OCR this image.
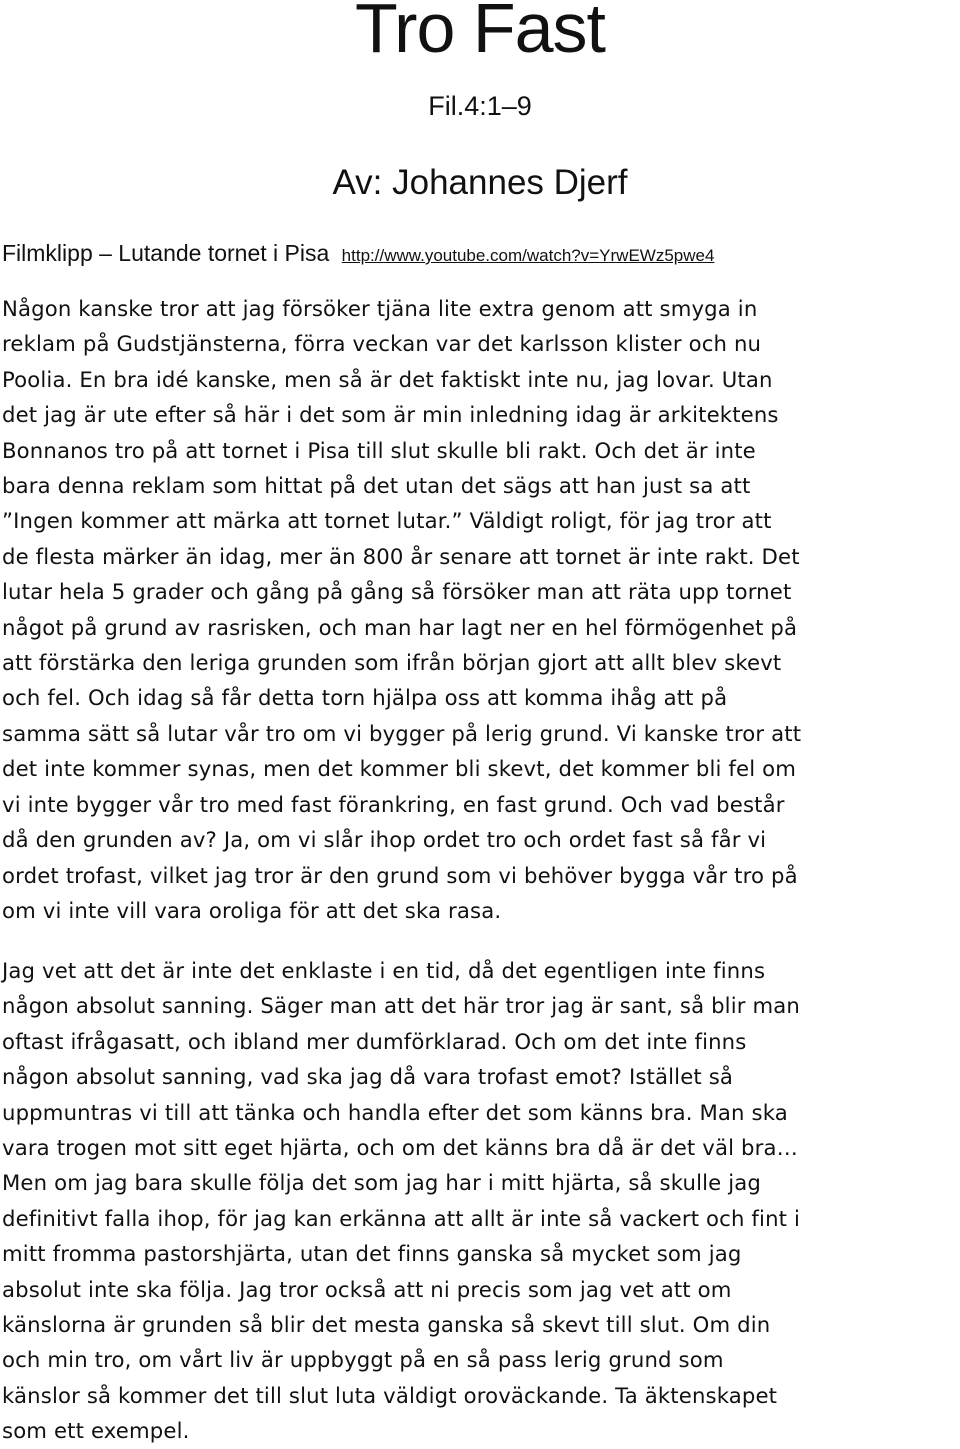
Tro Fast

Fil.4:1–9

Av: Johannes Djerf

Filmklipp – Lutande tornet i Pisa http://www.youtube.com/watch?v=YrwEWz5pwe4

Någon kanske tror att jag försöker tjäna lite extra genom att smyga in
reklam på Gudstjänsterna, förra veckan var det karlsson klister och nu
Poolia. En bra idé kanske, men så är det faktiskt inte nu, jag lovar. Utan
det jag är ute efter så här i det som är min inledning idag är arkitektens
Bonnanos tro på att tornet i Pisa till slut skulle bli rakt. Och det är inte
bara denna reklam som hittat på det utan det sägs att han just sa att
”Ingen kommer att märka att tornet lutar.” Väldigt roligt, för jag tror att
de flesta märker än idag, mer än 800 år senare att tornet är inte rakt. Det
lutar hela 5 grader och gång på gång så försöker man att räta upp tornet
något på grund av rasrisken, och man har lagt ner en hel förmögenhet på
att förstärka den leriga grunden som ifrån början gjort att allt blev skevt
och fel. Och idag så får detta torn hjälpa oss att komma ihåg att på
samma sätt så lutar vår tro om vi bygger på lerig grund. Vi kanske tror att
det inte kommer synas, men det kommer bli skevt, det kommer bli fel om
vi inte bygger vår tro med fast förankring, en fast grund. Och vad består
då den grunden av? Ja, om vi slår ihop ordet tro och ordet fast så får vi
ordet trofast, vilket jag tror är den grund som vi behöver bygga vår tro på
om vi inte vill vara oroliga för att det ska rasa.
Jag vet att det är inte det enklaste i en tid, då det egentligen inte finns
någon absolut sanning. Säger man att det här tror jag är sant, så blir man
oftast ifrågasatt, och ibland mer dumförklarad. Och om det inte finns
någon absolut sanning, vad ska jag då vara trofast emot? Istället så
uppmuntras vi till att tänka och handla efter det som känns bra. Man ska
vara trogen mot sitt eget hjärta, och om det känns bra då är det väl bra…
Men om jag bara skulle följa det som jag har i mitt hjärta, så skulle jag
definitivt falla ihop, för jag kan erkänna att allt är inte så vackert och fint i
mitt fromma pastorshjärta, utan det finns ganska så mycket som jag
absolut inte ska följa. Jag tror också att ni precis som jag vet att om
känslorna är grunden så blir det mesta ganska så skevt till slut. Om din
och min tro, om vårt liv är uppbyggt på en så pass lerig grund som
känslor så kommer det till slut luta väldigt oroväckande. Ta äktenskapet
som ett exempel.
